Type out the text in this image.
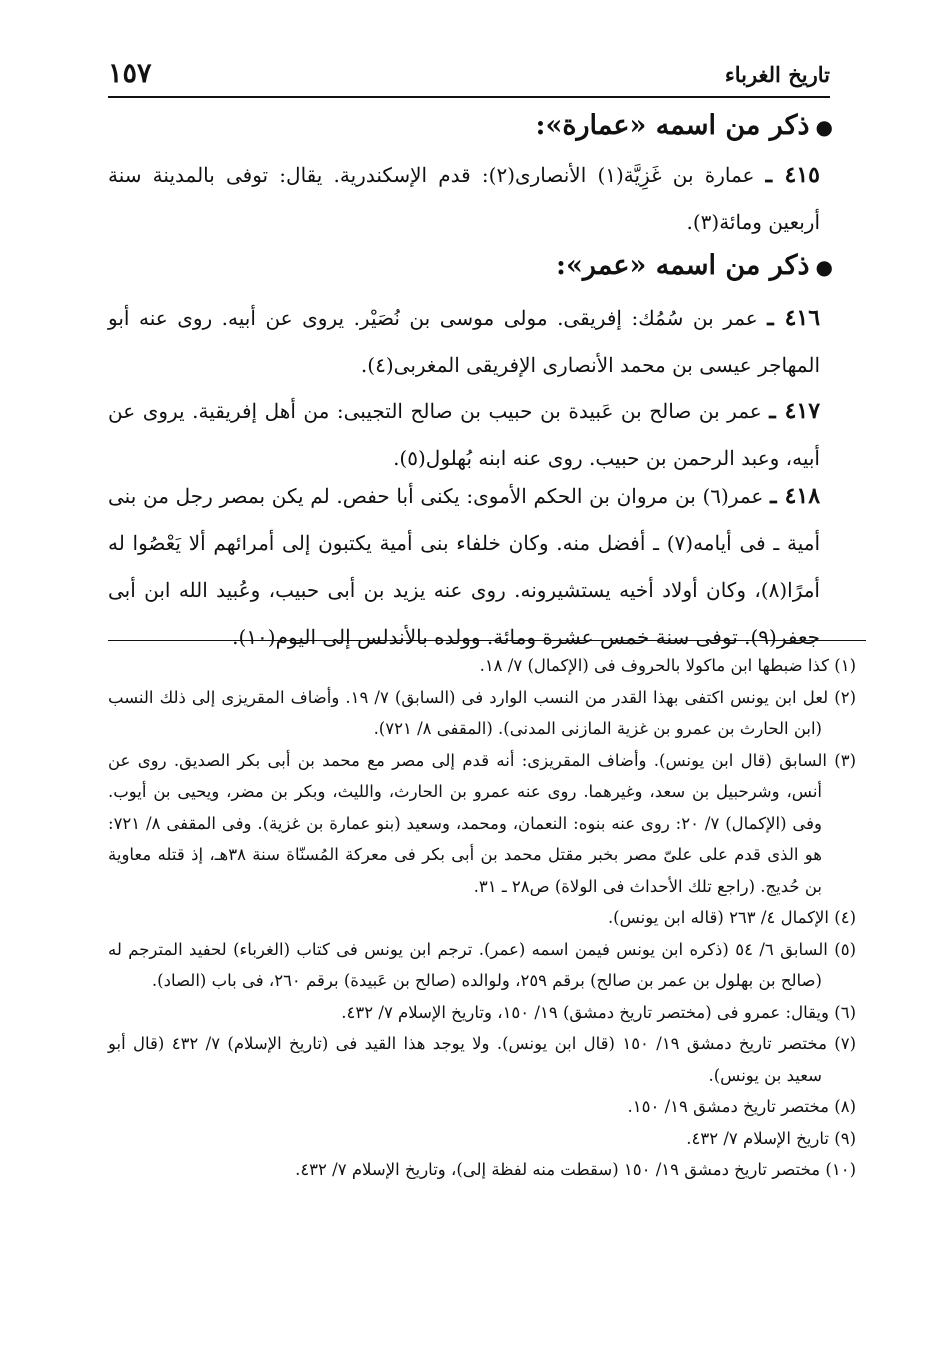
تاريخ الغرباء
١٥٧
●ذكر من اسمه «عمارة»:
٤١٥ ـ عمارة بن غَزِيَّة(١) الأنصارى(٢): قدم الإسكندرية. يقال: توفى بالمدينة سنة أربعين ومائة(٣).
●ذكر من اسمه «عمر»:
٤١٦ ـ عمر بن سُمُك: إفريقى. مولى موسى بن نُصَيْر. يروى عن أبيه. روى عنه أبو المهاجر عيسى بن محمد الأنصارى الإفريقى المغربى(٤).
٤١٧ ـ عمر بن صالح بن عَبيدة بن حبيب بن صالح التجيبى: من أهل إفريقية. يروى عن أبيه، وعبد الرحمن بن حبيب. روى عنه ابنه بُهلول(٥).
٤١٨ ـ عمر(٦) بن مروان بن الحكم الأموى: يكنى أبا حفص. لم يكن بمصر رجل من بنى أمية ـ فى أيامه(٧) ـ أفضل منه. وكان خلفاء بنى أمية يكتبون إلى أمرائهم ألا يَعْصُوا له أمرًا(٨)، وكان أولاد أخيه يستشيرونه. روى عنه يزيد بن أبى حبيب، وعُبيد الله ابن أبى جعفر(٩). توفى سنة خمس عشرة ومائة. وولده بالأندلس إلى اليوم(١٠).
(١) كذا ضبطها ابن ماكولا بالحروف فى (الإكمال) ٧/ ١٨.
(٢) لعل ابن يونس اكتفى بهذا القدر من النسب الوارد فى (السابق) ٧/ ١٩. وأضاف المقريزى إلى ذلك النسب (ابن الحارث بن عمرو بن غزية المازنى المدنى). (المقفى ٨/ ٧٢١).
(٣) السابق (قال ابن يونس). وأضاف المقريزى: أنه قدم إلى مصر مع محمد بن أبى بكر الصديق. روى عن أنس، وشرحبيل بن سعد، وغيرهما. روى عنه عمرو بن الحارث، والليث، وبكر بن مضر، ويحيى بن أيوب. وفى (الإكمال) ٧/ ٢٠: روى عنه بنوه: النعمان، ومحمد، وسعيد (بنو عمارة بن غزية). وفى المقفى ٨/ ٧٢١: هو الذى قدم على علىّ مصر بخبر مقتل محمد بن أبى بكر فى معركة المُسنّاة سنة ٣٨هـ، إذ قتله معاوية بن حُديج. (راجع تلك الأحداث فى الولاة) ص٢٨ ـ ٣١.
(٤) الإكمال ٤/ ٢٦٣ (قاله ابن يونس).
(٥) السابق ٦/ ٥٤ (ذكره ابن يونس فيمن اسمه (عمر). ترجم ابن يونس فى كتاب (الغرباء) لحفيد المترجم له (صالح بن بهلول بن عمر بن صالح) برقم ٢٥٩، ولوالده (صالح بن عَبيدة) برقم ٢٦٠، فى باب (الصاد).
(٦) ويقال: عمرو فى (مختصر تاريخ دمشق) ١٩/ ١٥٠، وتاريخ الإسلام ٧/ ٤٣٢.
(٧) مختصر تاريخ دمشق ١٩/ ١٥٠ (قال ابن يونس). ولا يوجد هذا القيد فى (تاريخ الإسلام) ٧/ ٤٣٢ (قال أبو سعيد بن يونس).
(٨) مختصر تاريخ دمشق ١٩/ ١٥٠.
(٩) تاريخ الإسلام ٧/ ٤٣٢.
(١٠) مختصر تاريخ دمشق ١٩/ ١٥٠ (سقطت منه لفظة إلى)، وتاريخ الإسلام ٧/ ٤٣٢.
